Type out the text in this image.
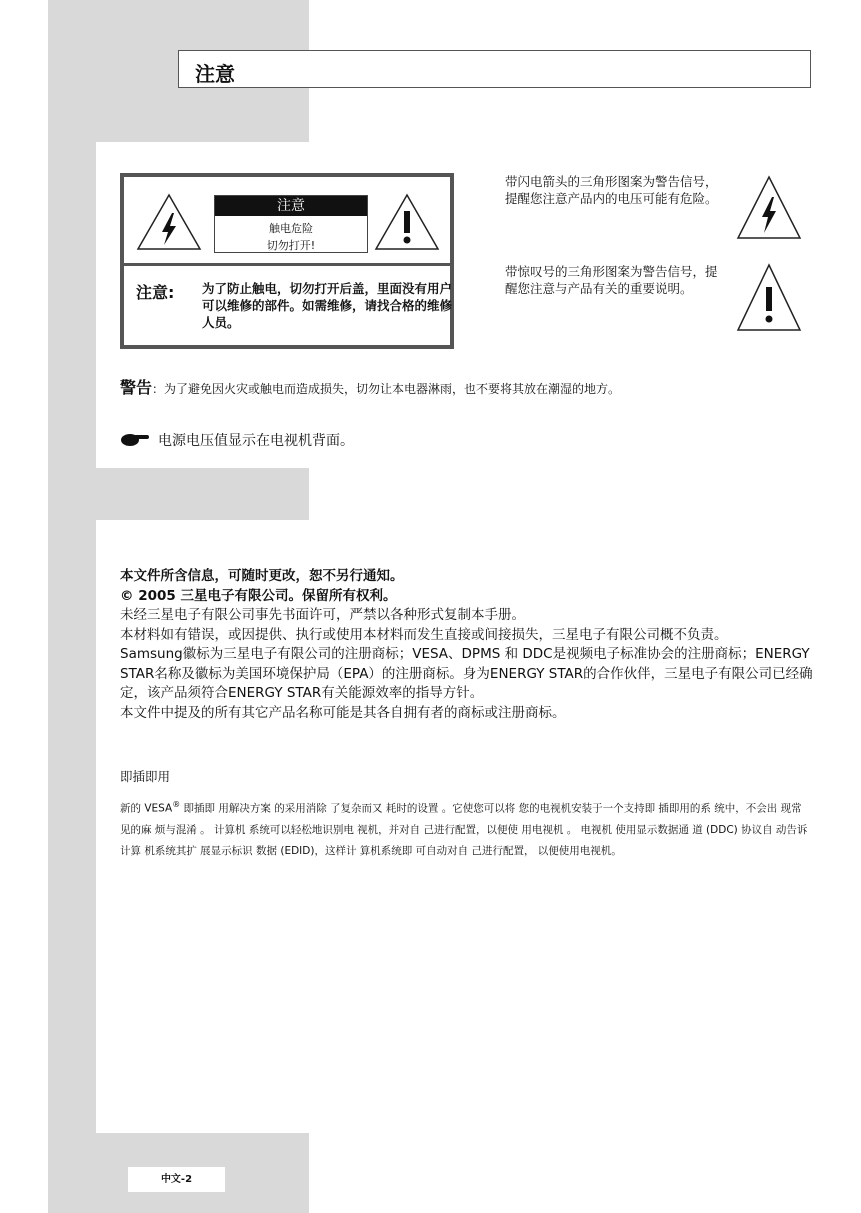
注意
注意
触电危险
切勿打开!
注意: 为了防止触电，切勿打开后盖，里面没有用户可以维修的部件。如需维修，请找合格的维修人员。
带闪电箭头的三角形图案为警告信号，提醒您注意产品内的电压可能有危险。
带惊叹号的三角形图案为警告信号，提醒您注意与产品有关的重要说明。
警告：为了避免因火灾或触电而造成损失，切勿让本电器淋雨，也不要将其放在潮湿的地方。
电源电压值显示在电视机背面。

本文件所含信息，可随时更改，恕不另行通知。

© 2005 三星电子有限公司。保留所有权利。

未经三星电子有限公司事先书面许可，严禁以各种形式复制本手册。

本材料如有错误，或因提供、执行或使用本材料而发生直接或间接损失，三星电子有限公司概不负责。

Samsung徽标为三星电子有限公司的注册商标；VESA、DPMS 和 DDC是视频电子标准协会的注册商标；ENERGY STAR名称及徽标为美国环境保护局（EPA）的注册商标。身为ENERGY STAR的合作伙伴，三星电子有限公司已经确定，该产品须符合ENERGY STAR有关能源效率的指导方针。

本文件中提及的所有其它产品名称可能是其各自拥有者的商标或注册商标。

即插即用
新的 VESA® 即插即 用解决方案 的采用消除 了复杂而又 耗时的设置 。它使您可以将 您的电视机安装于一个支持即 插即用的系 统中，不会出 现常见的麻 烦与混淆 。 计算机 系统可以轻松地识别电 视机，并对自 己进行配置，以便使 用电视机 。 电视机 使用显示数据通 道 (DDC) 协议自 动告诉计算 机系统其扩 展显示标识 数据 (EDID)，这样计 算机系统即 可自动对自 己进行配置， 以便使用电视机。
中文-2
